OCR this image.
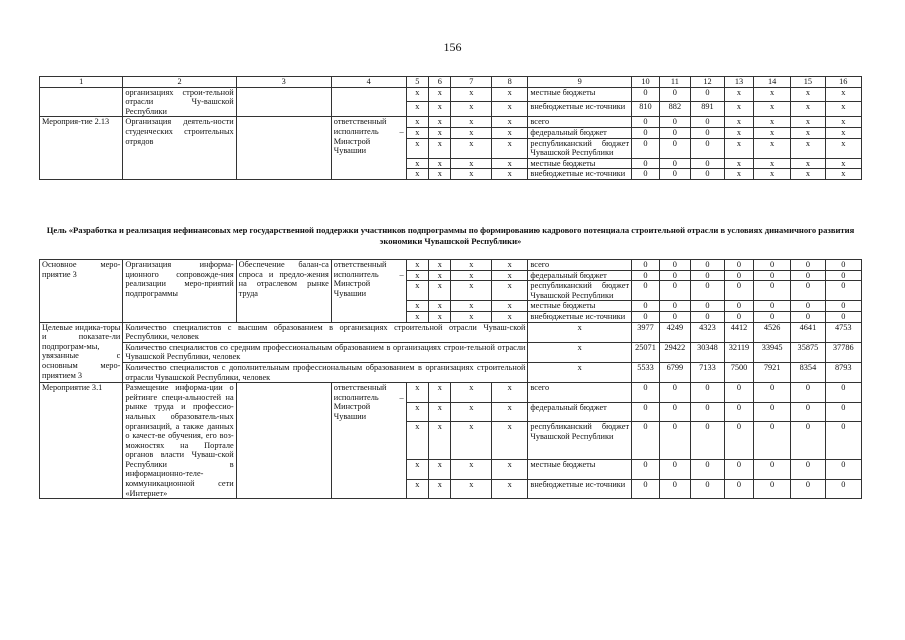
156
1	2	3	4	5	6	7	8	9	10	11	12	13	14	15	16
	организациях строи-тельной отрасли Чу-вашской Республики			x	x	x	x	местные бюджеты	0	0	0	x	x	x	x
				x	x	x	x	внебюджетные ис-точники	810	882	891	x	x	x	x
Мероприя-тие 2.13	Организация деятель-ности студенческих строительных отрядов		ответственный исполнитель – Минстрой Чувашии	x	x	x	x	всего	0	0	0	x	x	x	x
				x	x	x	x	федеральный бюджет	0	0	0	x	x	x	x
				x	x	x	x	республиканский бюджет Чувашской Республики	0	0	0	x	x	x	x
				x	x	x	x	местные бюджеты	0	0	0	x	x	x	x
				x	x	x	x	внебюджетные ис-точники	0	0	0	x	x	x	x
Цель «Разработка и реализация нефинансовых мер государственной поддержки участников подпрограммы по формированию кадрового потенциала строительной отрасли в условиях динамичного развития экономики Чувашской Республики»
Основное меро-приятие 3	Организация информа-ционного сопровожде-ния реализации меро-приятий подпрограммы	Обеспечение балан-са спроса и предло-жения на отраслевом рынке труда	ответственный исполнитель – Минстрой Чувашии	x	x	x	x	всего	0	0	0	0	0	0	0
				x	x	x	x	федеральный бюджет	0	0	0	0	0	0	0
				x	x	x	x	республиканский бюджет Чувашской Республики	0	0	0	0	0	0	0
				x	x	x	x	местные бюджеты	0	0	0	0	0	0	0
				x	x	x	x	внебюджетные ис-точники	0	0	0	0	0	0	0
Целевые индика-торы и показате-ли подпрограм-мы, увязанные с основным меро-приятием 3	Количество специалистов с высшим образованием в организациях строительной отрасли Чуваш-ской Республики, человек							x	3977	4249	4323	4412	4526	4641	4753
	Количество специалистов со средним профессиональным образованием в организациях строи-тельной отрасли Чувашской Республики, человек							x	25071	29422	30348	32119	33945	35875	37786
	Количество специалистов с дополнительным профессиональным образованием в организациях строительной отрасли Чувашской Республики, человек							x	5533	6799	7133	7500	7921	8354	8793
Мероприятие 3.1	Размещение информа-ции о рейтинге специ-альностей на рынке труда и профессио-нальных образователь-ных организаций, а также данных о качест-ве обучения, его воз-можностях на Портале органов власти Чуваш-ской Республики в информационно-теле-коммуникационной сети «Интернет»		ответственный исполнитель – Минстрой Чувашии	x	x	x	x	всего	0	0	0	0	0	0	0
				x	x	x	x	федеральный бюджет	0	0	0	0	0	0	0
				x	x	x	x	республиканский бюджет Чувашской Республики	0	0	0	0	0	0	0
				x	x	x	x	местные бюджеты	0	0	0	0	0	0	0
				x	x	x	x	внебюджетные ис-точники	0	0	0	0	0	0	0
